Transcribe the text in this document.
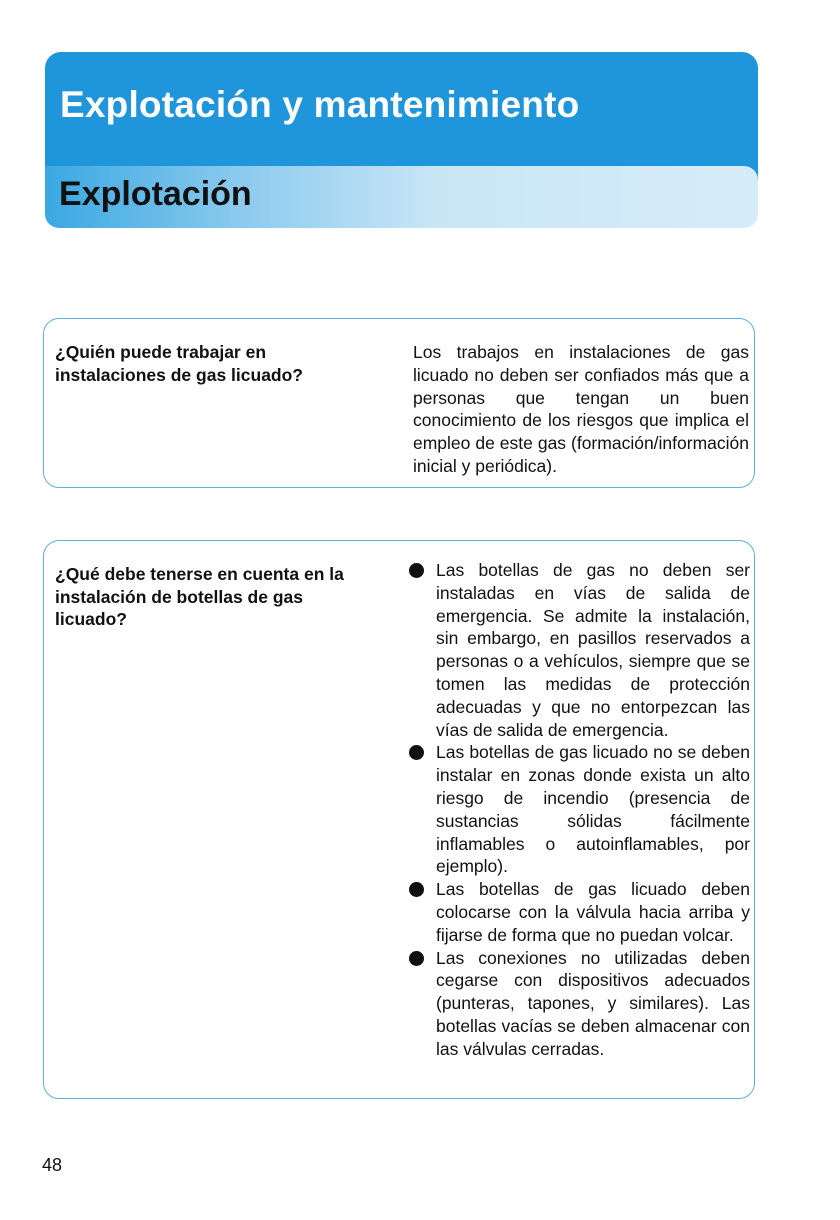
Explotación y mantenimiento
Explotación
¿Quién puede trabajar en instalaciones de gas licuado?
Los trabajos en instalaciones de gas licuado no deben ser confiados más que a personas que tengan un buen conocimiento de los riesgos que implica el empleo de este gas (formación/información inicial y periódica).
¿Qué debe tenerse en cuenta en la instalación de botellas de gas licuado?
Las botellas de gas no deben ser instaladas en vías de salida de emergencia. Se admite la instalación, sin embargo, en pasillos reservados a personas o a vehículos, siempre que se tomen las medidas de protección adecuadas y que no entorpezcan las vías de salida de emergencia.
Las botellas de gas licuado no se deben instalar en zonas donde exista un alto riesgo de incendio (presencia de sustancias sólidas fácilmente inflamables o autoinflamables, por ejemplo).
Las botellas de gas licuado deben colocarse con la válvula hacia arriba y fijarse de forma que no puedan volcar.
Las conexiones no utilizadas deben cegarse con dispositivos adecuados (punteras, tapones, y similares). Las botellas vacías se deben almacenar con las válvulas cerradas.
48
